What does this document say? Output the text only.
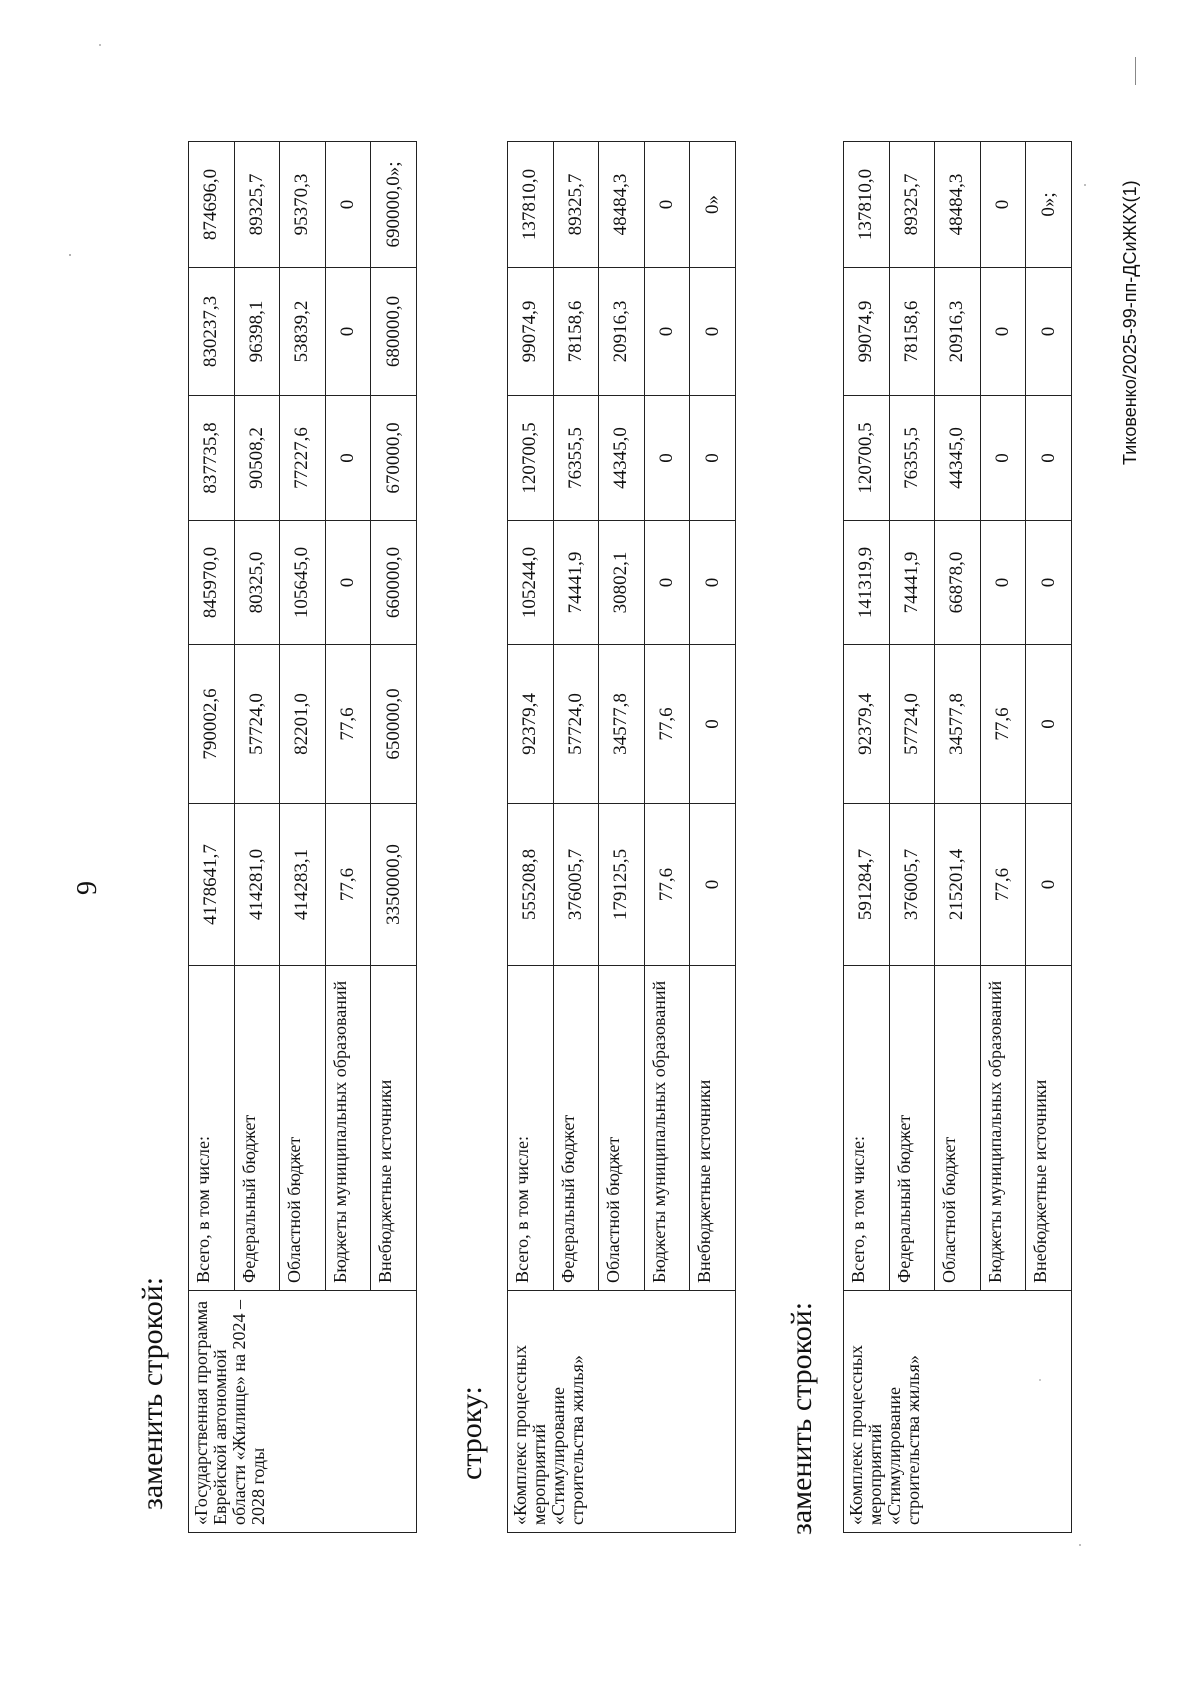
9
заменить строкой: «Государственная программа Еврейской автономной области «Жилище» на 2024 – 2028 годы	Всего, в том числе:	4178641,7	790002,6	845970,0	837735,8	830237,3	874696,0
	Федеральный бюджет	414281,0	57724,0	80325,0	90508,2	96398,1	89325,7
	Областной бюджет	414283,1	82201,0	105645,0	77227,6	53839,2	95370,3
	Бюджеты муниципальных образований	77,6	77,6	0	0	0	0
	Внебюджетные источники	3350000,0	650000,0	660000,0	670000,0	680000,0	690000,0»;
строку: «Комплекс процессных мероприятий «Стимулирование строительства жилья»	Всего, в том числе:	555208,8	92379,4	105244,0	120700,5	99074,9	137810,0
	Федеральный бюджет	376005,7	57724,0	74441,9	76355,5	78158,6	89325,7
	Областной бюджет	179125,5	34577,8	30802,1	44345,0	20916,3	48484,3
	Бюджеты муниципальных образований	77,6	77,6	0	0	0	0
	Внебюджетные источники	0	0	0	0	0	0»
заменить строкой: «Комплекс процессных мероприятий «Стимулирование строительства жилья»	Всего, в том числе:	591284,7	92379,4	141319,9	120700,5	99074,9	137810,0
	Федеральный бюджет	376005,7	57724,0	74441,9	76355,5	78158,6	89325,7
	Областной бюджет	215201,4	34577,8	66878,0	44345,0	20916,3	48484,3
	Бюджеты муниципальных образований	77,6	77,6	0	0	0	0
	Внебюджетные источники	0	0	0	0	0	0»;	Тиковенко/2025-99-пп-ДСиЖКХ(1)
